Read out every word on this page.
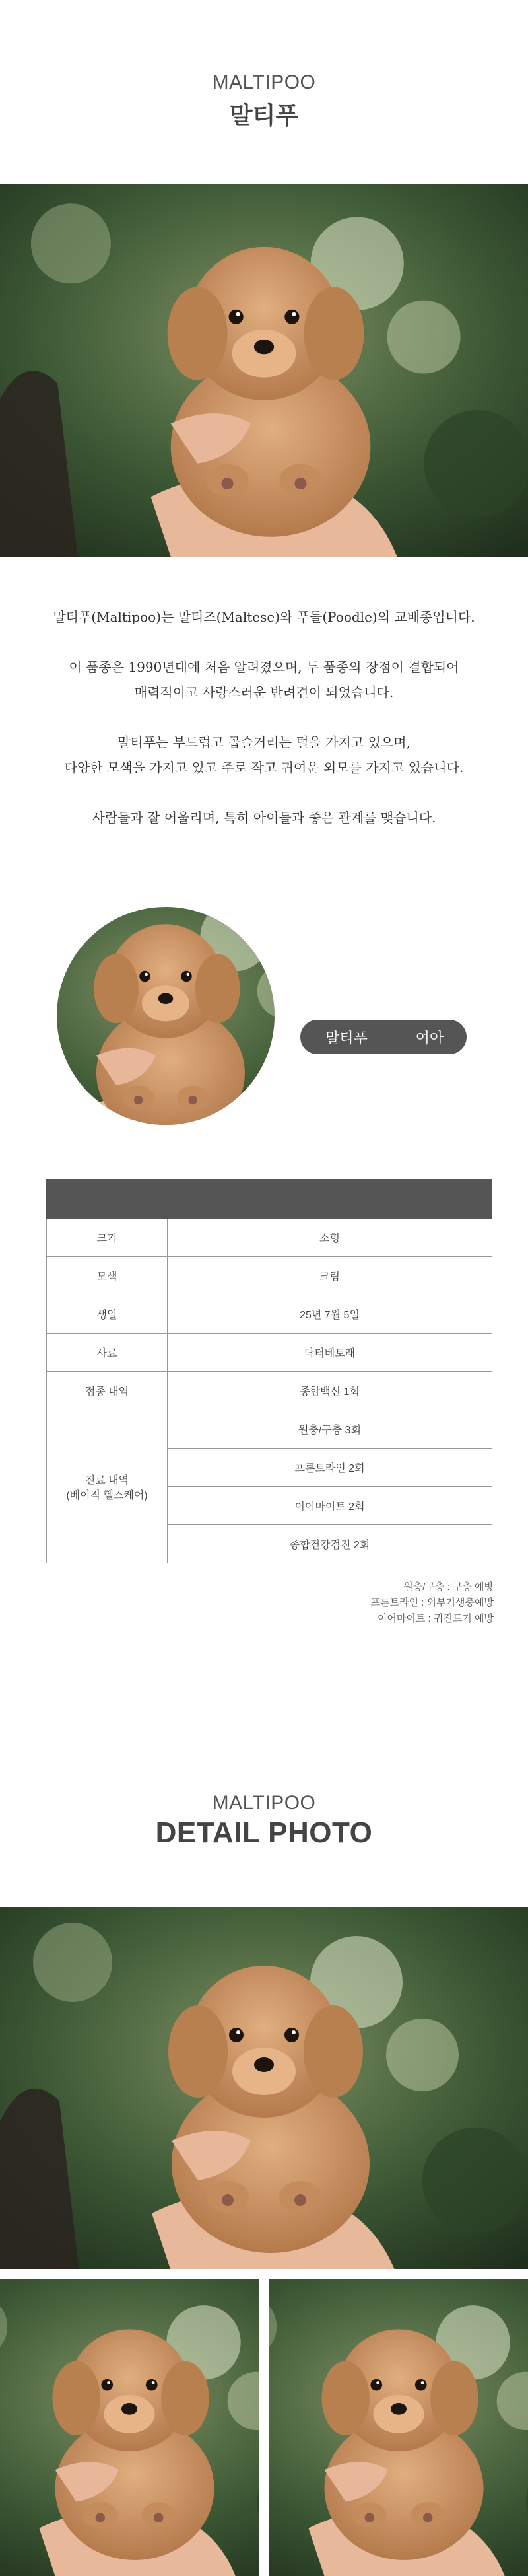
MALTIPOO
말티푸

말티푸(Maltipoo)는 말티즈(Maltese)와 푸들(Poodle)의 교배종입니다.

이 품종은 1990년대에 처음 알려졌으며, 두 품종의 장점이 결합되어
매력적이고 사랑스러운 반려견이 되었습니다.

말티푸는 부드럽고 곱슬거리는 털을 가지고 있으며,
다양한 모색을 가지고 있고 주로 작고 귀여운 외모를 가지고 있습니다.

사람들과 잘 어울리며, 특히 아이들과 좋은 관계를 맺습니다.

말티푸	여아

크기	소형
모색	크림
생일	25년 7월 5일
사료	닥터베토래
접종 내역	종합백신 1회
진료 내역
(베이직 헬스케어)	원충/구충 3회
	프론트라인 2회
	이어마이트 2회
	종합건강검진 2회
원충/구충 : 구충 예방
프론트라인 : 외부기생충예방
이어마이트 : 귀진드기 예방
MALTIPOO
DETAIL PHOTO
